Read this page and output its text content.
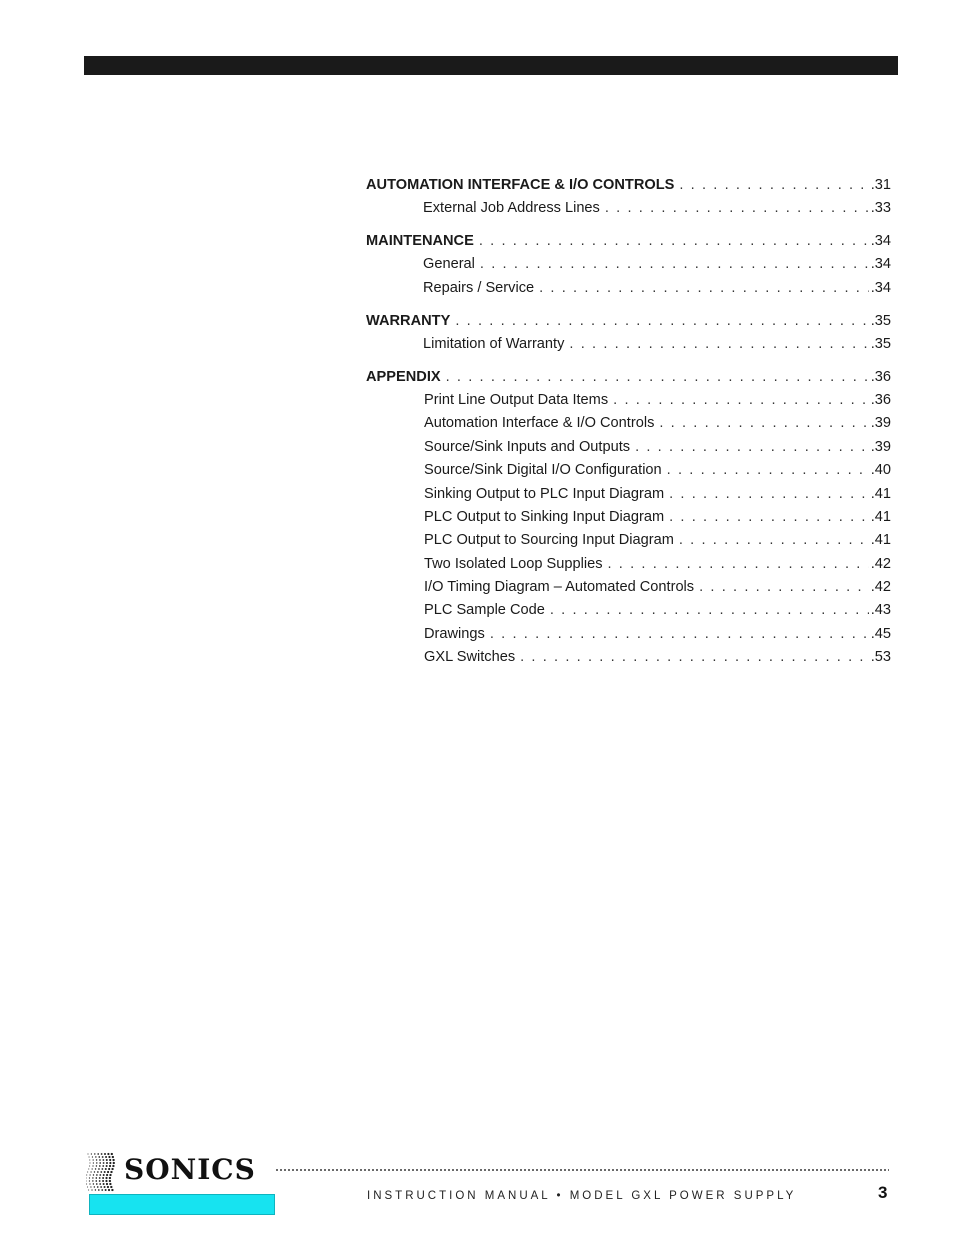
AUTOMATION INTERFACE & I/O CONTROLS . . .	.31
External Job Address Lines . . .	.33
MAINTENANCE . . .	.34
General . . .	.34
Repairs / Service . . .	.34
WARRANTY . . .	.35
Limitation of Warranty . . .	.35
APPENDIX . . .	.36
Print Line Output Data Items . . .	.36
Automation Interface & I/O Controls . . .	.39
Source/Sink Inputs and Outputs . . .	.39
Source/Sink Digital I/O Configuration . . .	.40
Sinking Output to PLC Input Diagram . . .	.41
PLC Output to Sinking Input Diagram . . .	.41
PLC Output to Sourcing Input Diagram . . .	.41
Two Isolated Loop Supplies . . .	.42
I/O Timing Diagram – Automated Controls . . .	.42
PLC Sample Code . . .	.43
Drawings . . .	.45
GXL Switches . . .	.53
SONICS
INSTRUCTION MANUAL • MODEL GXL POWER SUPPLY	3
